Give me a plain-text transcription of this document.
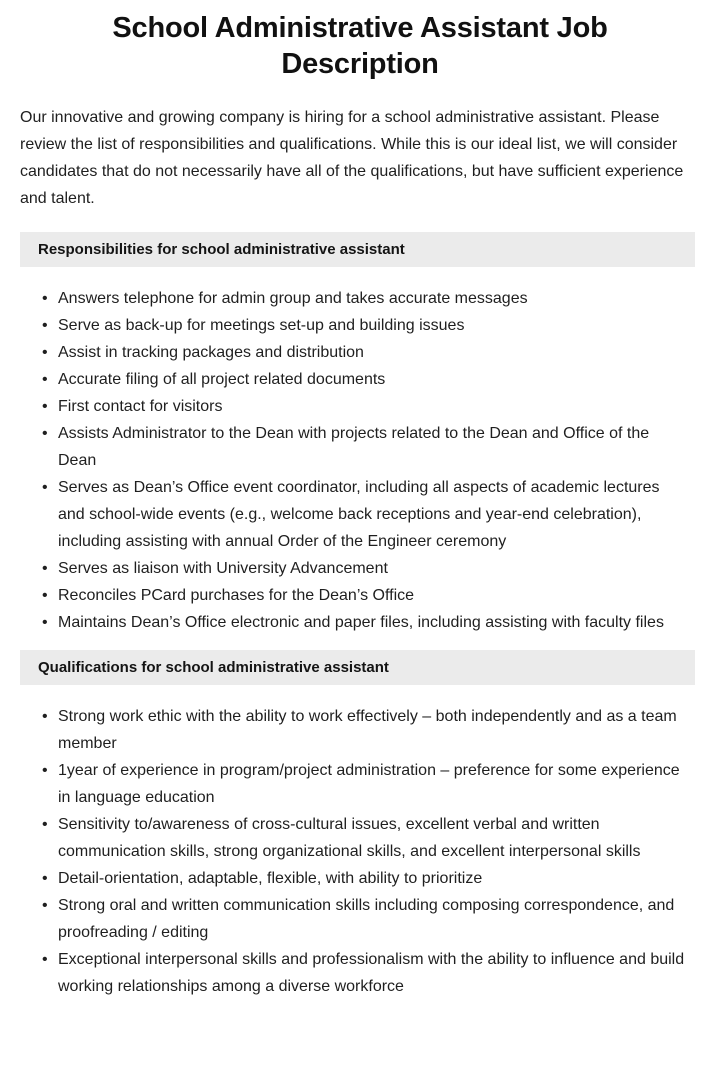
School Administrative Assistant Job Description

Our innovative and growing company is hiring for a school administrative assistant. Please review the list of responsibilities and qualifications. While this is our ideal list, we will consider candidates that do not necessarily have all of the qualifications, but have sufficient experience and talent.

Responsibilities for school administrative assistant
• Answers telephone for admin group and takes accurate messages
• Serve as back-up for meetings set-up and building issues
• Assist in tracking packages and distribution
• Accurate filing of all project related documents
• First contact for visitors
• Assists Administrator to the Dean with projects related to the Dean and Office of the Dean
• Serves as Dean’s Office event coordinator, including all aspects of academic lectures and school-wide events (e.g., welcome back receptions and year-end celebration), including assisting with annual Order of the Engineer ceremony
• Serves as liaison with University Advancement
• Reconciles PCard purchases for the Dean’s Office
• Maintains Dean’s Office electronic and paper files, including assisting with faculty files
Qualifications for school administrative assistant
• Strong work ethic with the ability to work effectively – both independently and as a team member
• 1year of experience in program/project administration – preference for some experience in language education
• Sensitivity to/awareness of cross-cultural issues, excellent verbal and written communication skills, strong organizational skills, and excellent interpersonal skills
• Detail-orientation, adaptable, flexible, with ability to prioritize
• Strong oral and written communication skills including composing correspondence, and proofreading / editing
• Exceptional interpersonal skills and professionalism with the ability to influence and build working relationships among a diverse workforce
